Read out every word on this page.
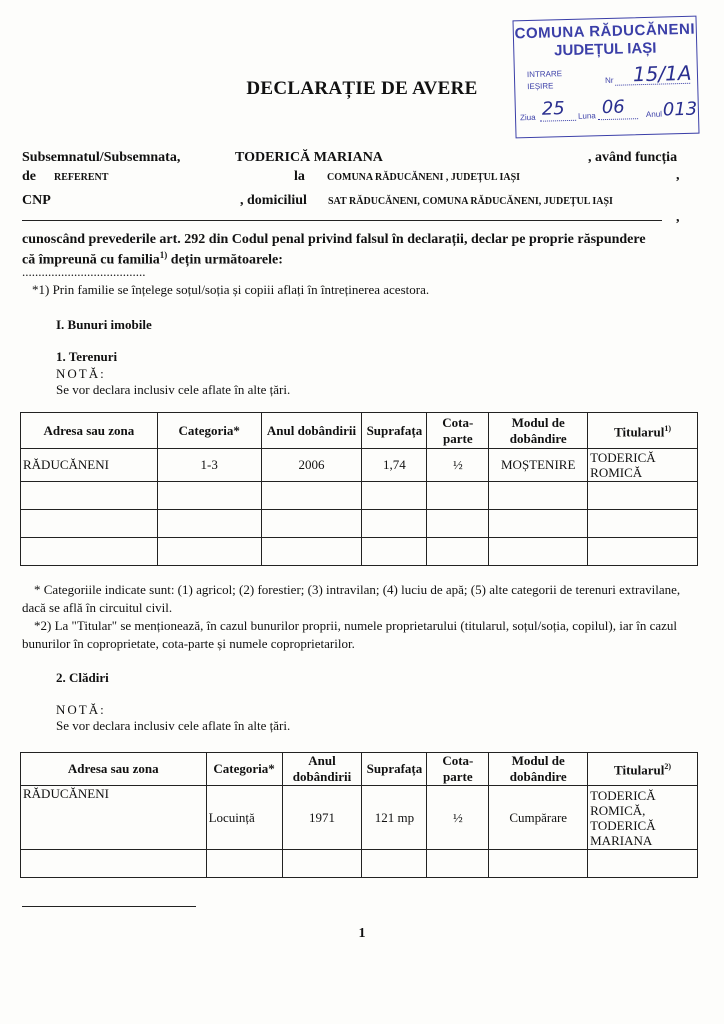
COMUNA RĂDUCĂNENI
JUDEȚUL IAȘI
INTRARE
IEȘIRE
Nr 15/1A
Ziua 25 Luna 06	Anul 013
DECLARAȚIE DE AVERE
Subsemnatul/Subsemnata,	TODERICĂ MARIANA	, având funcția
de REFERENT	la COMUNA RĂDUCĂNENI , JUDEȚUL IAȘI	,
CNP	, domiciliul SAT RĂDUCĂNENI, COMUNA RĂDUCĂNENI, JUDEȚUL IAȘI
,
cunoscând prevederile art. 292 din Codul penal privind falsul în declarații, declar pe proprie răspundere
că împreună cu familia$^{1)}$ dețin următoarele:
......................................
*1) Prin familie se înțelege soțul/soția și copiii aflați în întreținerea acestora.
I. Bunuri imobile
1. Terenuri
NOTĂ:
Se vor declara inclusiv cele aflate în alte țări.
Adresa sau zona	Categoria*	Anul dobândirii	Suprafața	Cota-parte	Modul de dobândire	Titularul$^{1)}$
RĂDUCĂNENI	1-3	2006	1,74	½	MOȘTENIRE	TODERICĂ ROMICĂ

* Categoriile indicate sunt: (1) agricol; (2) forestier; (3) intravilan; (4) luciu de apă; (5) alte categorii de terenuri extravilane, dacă se află în circuitul civil.
*2) La "Titular" se menționează, în cazul bunurilor proprii, numele proprietarului (titularul, soțul/soția, copilul), iar în cazul bunurilor în coproprietate, cota-parte și numele coproprietarilor.
2. Clădiri
NOTĂ:
Se vor declara inclusiv cele aflate în alte țări.
Adresa sau zona	Categoria*	Anul dobândirii	Suprafața	Cota-parte	Modul de dobândire	Titularul$^{2)}$
RĂDUCĂNENI	Locuință	1971	121 mp	½	Cumpărare	TODERICĂ ROMICĂ, TODERICĂ MARIANA

1
